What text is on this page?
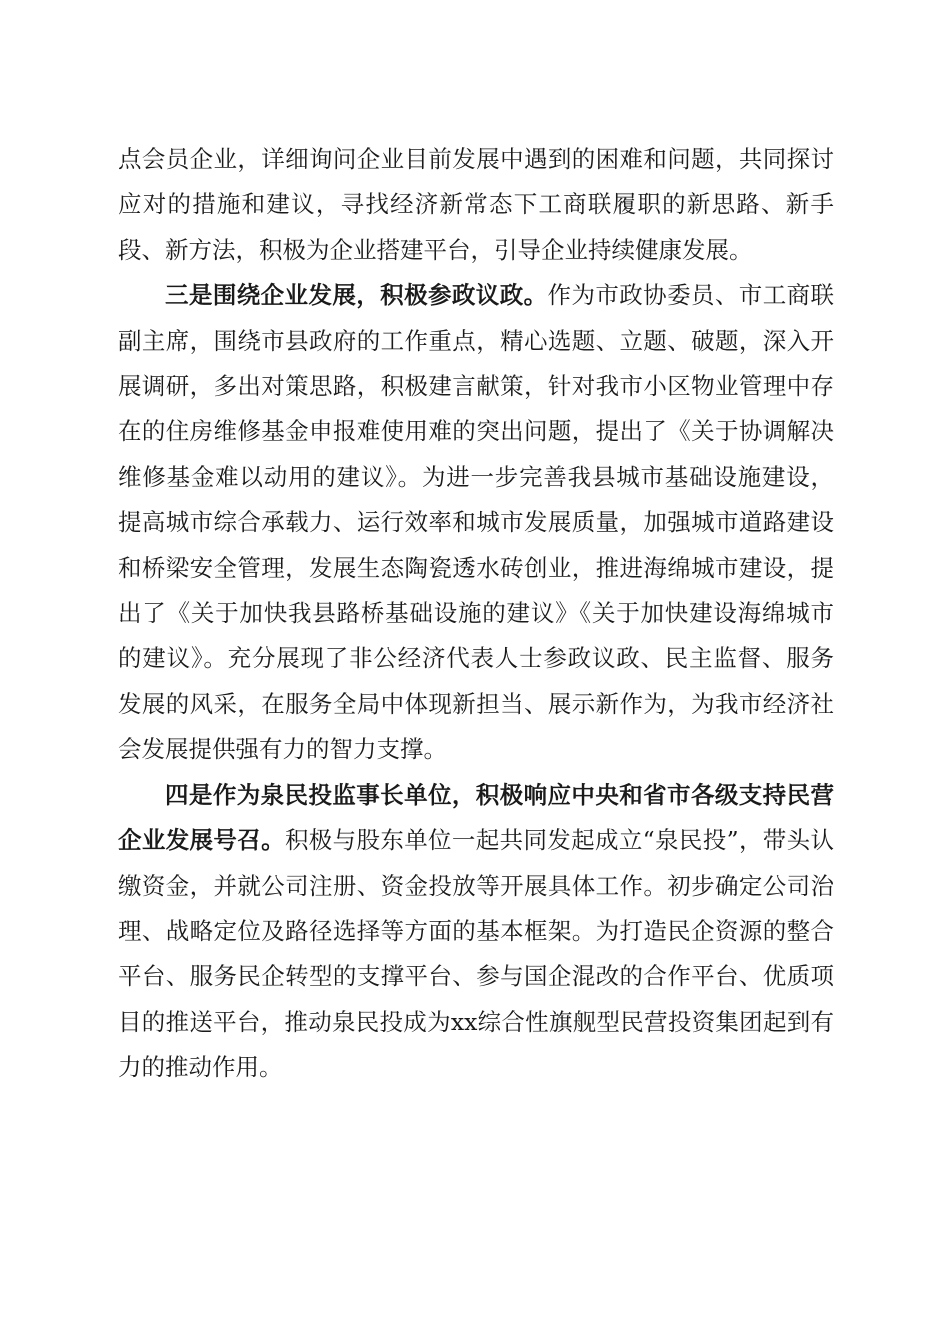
点会员企业，详细询问企业目前发展中遇到的困难和问题，共同探讨应对的措施和建议，寻找经济新常态下工商联履职的新思路、新手段、新方法，积极为企业搭建平台，引导企业持续健康发展。

三是围绕企业发展，积极参政议政。作为市政协委员、市工商联副主席，围绕市县政府的工作重点，精心选题、立题、破题，深入开展调研，多出对策思路，积极建言献策，针对我市小区物业管理中存在的住房维修基金申报难使用难的突出问题，提出了《关于协调解决维修基金难以动用的建议》。为进一步完善我县城市基础设施建设，提高城市综合承载力、运行效率和城市发展质量，加强城市道路建设和桥梁安全管理，发展生态陶瓷透水砖创业，推进海绵城市建设，提出了《关于加快我县路桥基础设施的建议》《关于加快建设海绵城市的建议》。充分展现了非公经济代表人士参政议政、民主监督、服务发展的风采，在服务全局中体现新担当、展示新作为，为我市经济社会发展提供强有力的智力支撑。

四是作为泉民投监事长单位，积极响应中央和省市各级支持民营企业发展号召。积极与股东单位一起共同发起成立“泉民投”，带头认缴资金，并就公司注册、资金投放等开展具体工作。初步确定公司治理、战略定位及路径选择等方面的基本框架。为打造民企资源的整合平台、服务民企转型的支撑平台、参与国企混改的合作平台、优质项目的推送平台，推动泉民投成为xx综合性旗舰型民营投资集团起到有力的推动作用。
